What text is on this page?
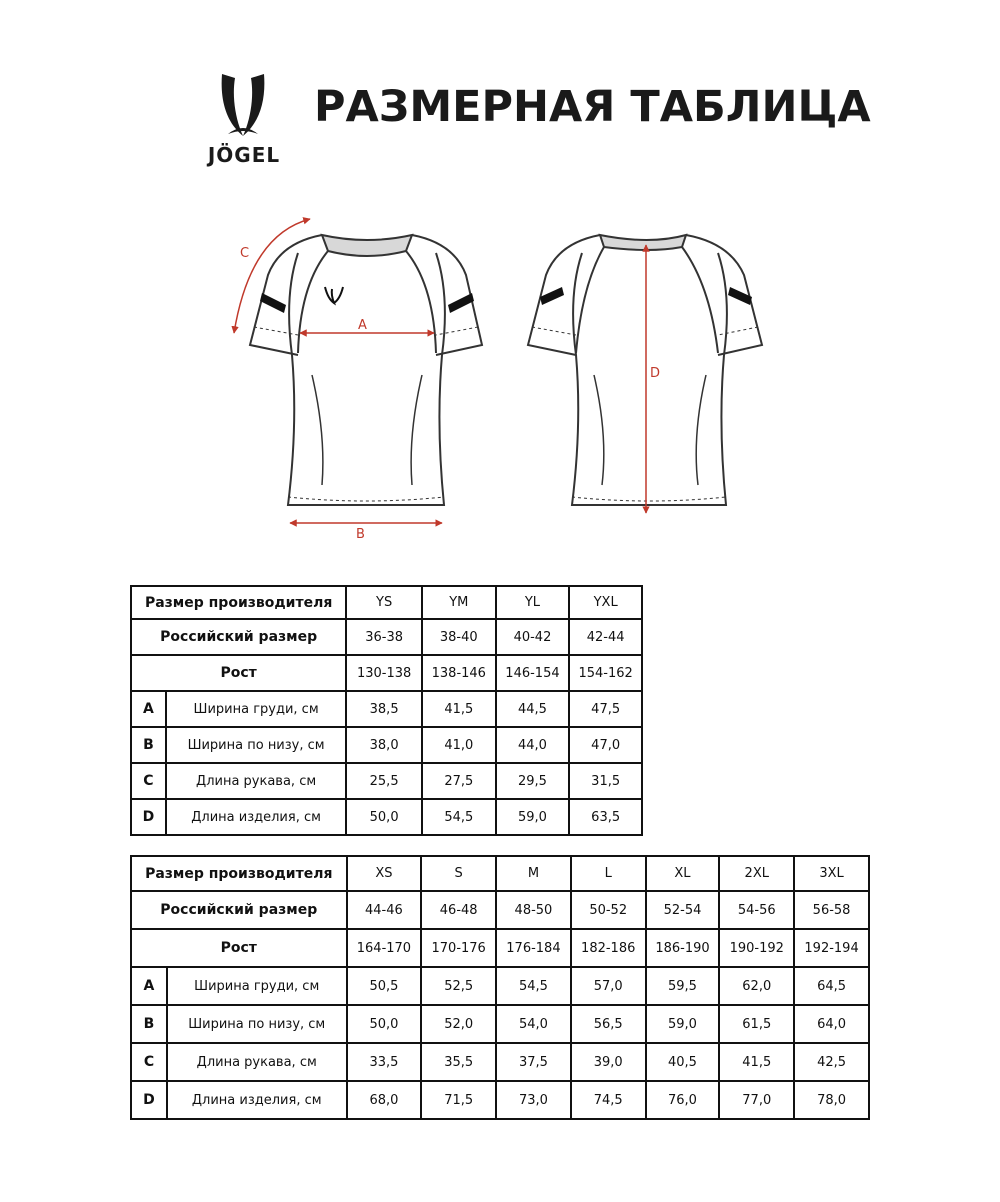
JÖGEL
РАЗМЕРНАЯ ТАБЛИЦА
A
B
C
D
Размер производителя		YS	YM	YL	YXL
Российский размер		36-38	38-40	40-42	42-44
Рост		130-138	138-146	146-154	154-162
A	Ширина груди, см	38,5	41,5	44,5	47,5
B	Ширина по низу, см	38,0	41,0	44,0	47,0
C	Длина рукава, см	25,5	27,5	29,5	31,5
D	Длина изделия, см	50,0	54,5	59,0	63,5
Размер производителя		XS	S	M	L	XL	2XL	3XL
Российский размер		44-46	46-48	48-50	50-52	52-54	54-56	56-58
Рост		164-170	170-176	176-184	182-186	186-190	190-192	192-194
A	Ширина груди, см	50,5	52,5	54,5	57,0	59,5	62,0	64,5
B	Ширина по низу, см	50,0	52,0	54,0	56,5	59,0	61,5	64,0
C	Длина рукава, см	33,5	35,5	37,5	39,0	40,5	41,5	42,5
D	Длина изделия, см	68,0	71,5	73,0	74,5	76,0	77,0	78,0
